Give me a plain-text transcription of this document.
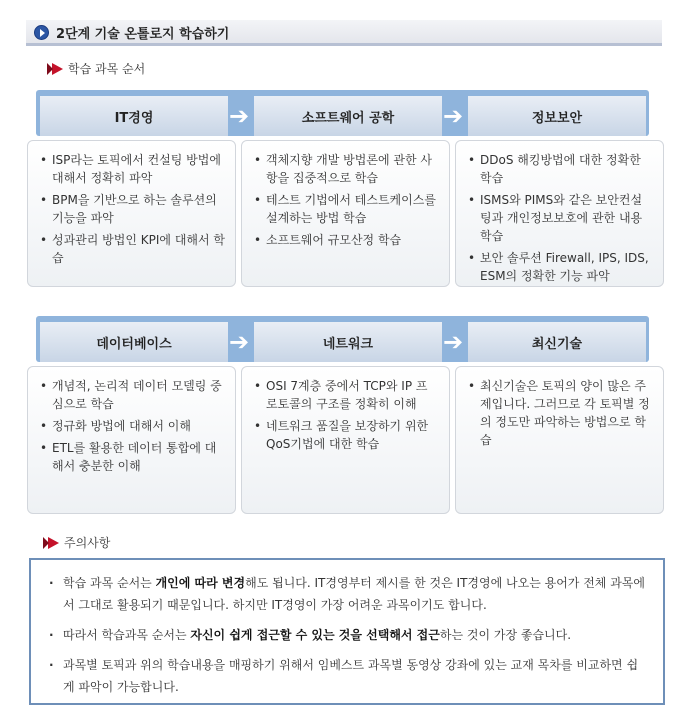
2단계 기술 온톨로지 학습하기
학습 과목 순서
IT경영	➔	소프트웨어 공학 ➔	정보보안
• ISP라는 토픽에서 컨설팅 방법에 대해서 정확히 파악
• BPM을 기반으로 하는 솔루션의 기능을 파악
• 성과관리 방법인 KPI에 대해서 학습
• 객체지향 개발 방법론에 관한 사항을 집중적으로 학습
• 테스트 기법에서 테스트케이스를 설계하는 방법 학습
• 소프트웨어 규모산정 학습
• DDoS 해킹방법에 대한 정확한 학습
• ISMS와 PIMS와 같은 보안컨설팅과 개인정보보호에 관한 내용 학습
• 보안 솔루션 Firewall, IPS, IDS, ESM의 정확한 기능 파악
데이터베이스 ➔	네트워크	➔	최신기술
• 개념적, 논리적 데이터 모델링 중심으로 학습
• 정규화 방법에 대해서 이해
• ETL를 활용한 데이터 통합에 대해서 충분한 이해
• OSI 7계층 중에서 TCP와 IP 프로토콜의 구조를 정확히 이해
• 네트워크 품질을 보장하기 위한 QoS기법에 대한 학습
• 최신기술은 토픽의 양이 많은 주제입니다. 그러므로 각 토픽별 정의 정도만 파악하는 방법으로 학습
주의사항
· 학습 과목 순서는 개인에 따라 변경해도 됩니다. IT경영부터 제시를 한 것은 IT경영에 나오는 용어가 전체 과목에서 그대로 활용되기 때문입니다. 하지만 IT경영이 가장 어려운 과목이기도 합니다.
· 따라서 학습과목 순서는 자신이 쉽게 접근할 수 있는 것을 선택해서 접근하는 것이 가장 좋습니다.
· 과목별 토픽과 위의 학습내용을 매핑하기 위해서 임베스트 과목별 동영상 강좌에 있는 교재 목차를 비교하면 쉽게 파악이 가능합니다.
